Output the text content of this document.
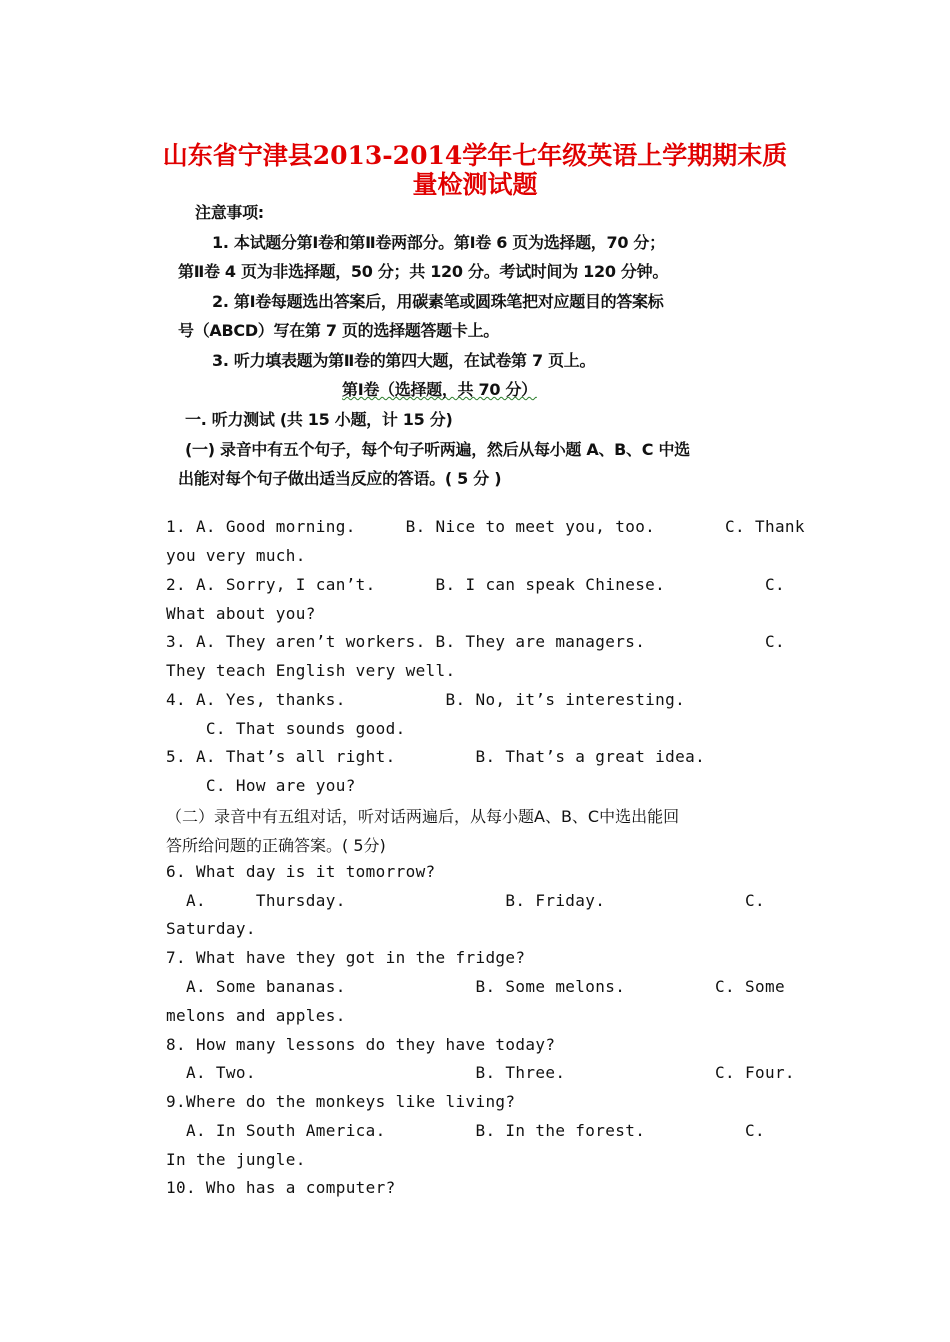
山东省宁津县2013-2014学年七年级英语上学期期末质
量检测试题
注意事项:
1. 本试题分第Ⅰ卷和第Ⅱ卷两部分。第Ⅰ卷 6 页为选择题，70 分；
第Ⅱ卷 4 页为非选择题，50 分；共 120 分。考试时间为 120 分钟。
2. 第Ⅰ卷每题选出答案后，用碳素笔或圆珠笔把对应题目的答案标
号（ABCD）写在第 7 页的选择题答题卡上。
3. 听力填表题为第Ⅱ卷的第四大题，在试卷第 7 页上。
第Ⅰ卷（选择题，共 70 分）
一. 听力测试 (共 15 小题，计 15 分)
(一) 录音中有五个句子，每个句子听两遍，然后从每小题 A、B、C 中选
出能对每个句子做出适当反应的答语。( 5 分 )
1. A. Good morning.     B. Nice to meet you, too.       C. Thank
you very much.
2. A. Sorry, I can’t.      B. I can speak Chinese.          C.
What about you?
3. A. They aren’t workers. B. They are managers.            C.
They teach English very well.
4. A. Yes, thanks.          B. No, it’s interesting.
C. That sounds good.
5. A. That’s all right.        B. That’s a great idea.
C. How are you?
（二）录音中有五组对话，听对话两遍后，从每小题A、B、C中选出能回
答所给问题的正确答案。( 5分)
6. What day is it tomorrow?
A.     Thursday.                B. Friday.              C.
Saturday.
7. What have they got in the fridge?
A. Some bananas.             B. Some melons.         C. Some
melons and apples.
8. How many lessons do they have today?
A. Two.                      B. Three.               C. Four.
9.Where do the monkeys like living?
A. In South America.         B. In the forest.          C.
In the jungle.
10. Who has a computer?
